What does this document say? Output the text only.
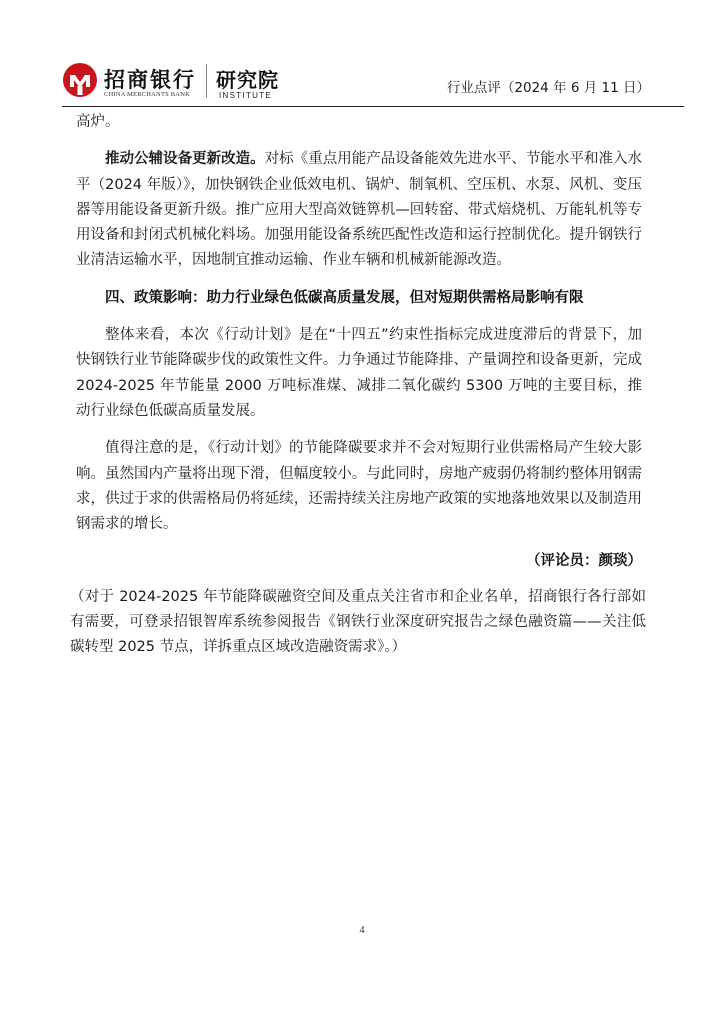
招商银行
CHINA MERCHANTS BANK
研究院
INSTITUTE	行业点评（2024 年 6 月 11 日）

高炉。

推动公辅设备更新改造。对标《重点用能产品设备能效先进水平、节能水平和准入水平（2024 年版）》，加快钢铁企业低效电机、锅炉、制氧机、空压机、水泵、风机、变压器等用能设备更新升级。推广应用大型高效链箅机—回转窑、带式焙烧机、万能轧机等专用设备和封闭式机械化料场。加强用能设备系统匹配性改造和运行控制优化。提升钢铁行业清洁运输水平，因地制宜推动运输、作业车辆和机械新能源改造。

四、政策影响：助力行业绿色低碳高质量发展，但对短期供需格局影响有限

整体来看，本次《行动计划》是在“十四五”约束性指标完成进度滞后的背景下，加快钢铁行业节能降碳步伐的政策性文件。力争通过节能降排、产量调控和设备更新，完成 2024-2025 年节能量 2000 万吨标准煤、减排二氧化碳约 5300 万吨的主要目标，推动行业绿色低碳高质量发展。

值得注意的是，《行动计划》的节能降碳要求并不会对短期行业供需格局产生较大影响。虽然国内产量将出现下滑，但幅度较小。与此同时，房地产疲弱仍将制约整体用钢需求，供过于求的供需格局仍将延续，还需持续关注房地产政策的实地落地效果以及制造用钢需求的增长。

（评论员：颜琰）

（对于 2024-2025 年节能降碳融资空间及重点关注省市和企业名单，招商银行各行部如有需要，可登录招银智库系统参阅报告《钢铁行业深度研究报告之绿色融资篇——关注低碳转型 2025 节点，详拆重点区域改造融资需求》。）

4
